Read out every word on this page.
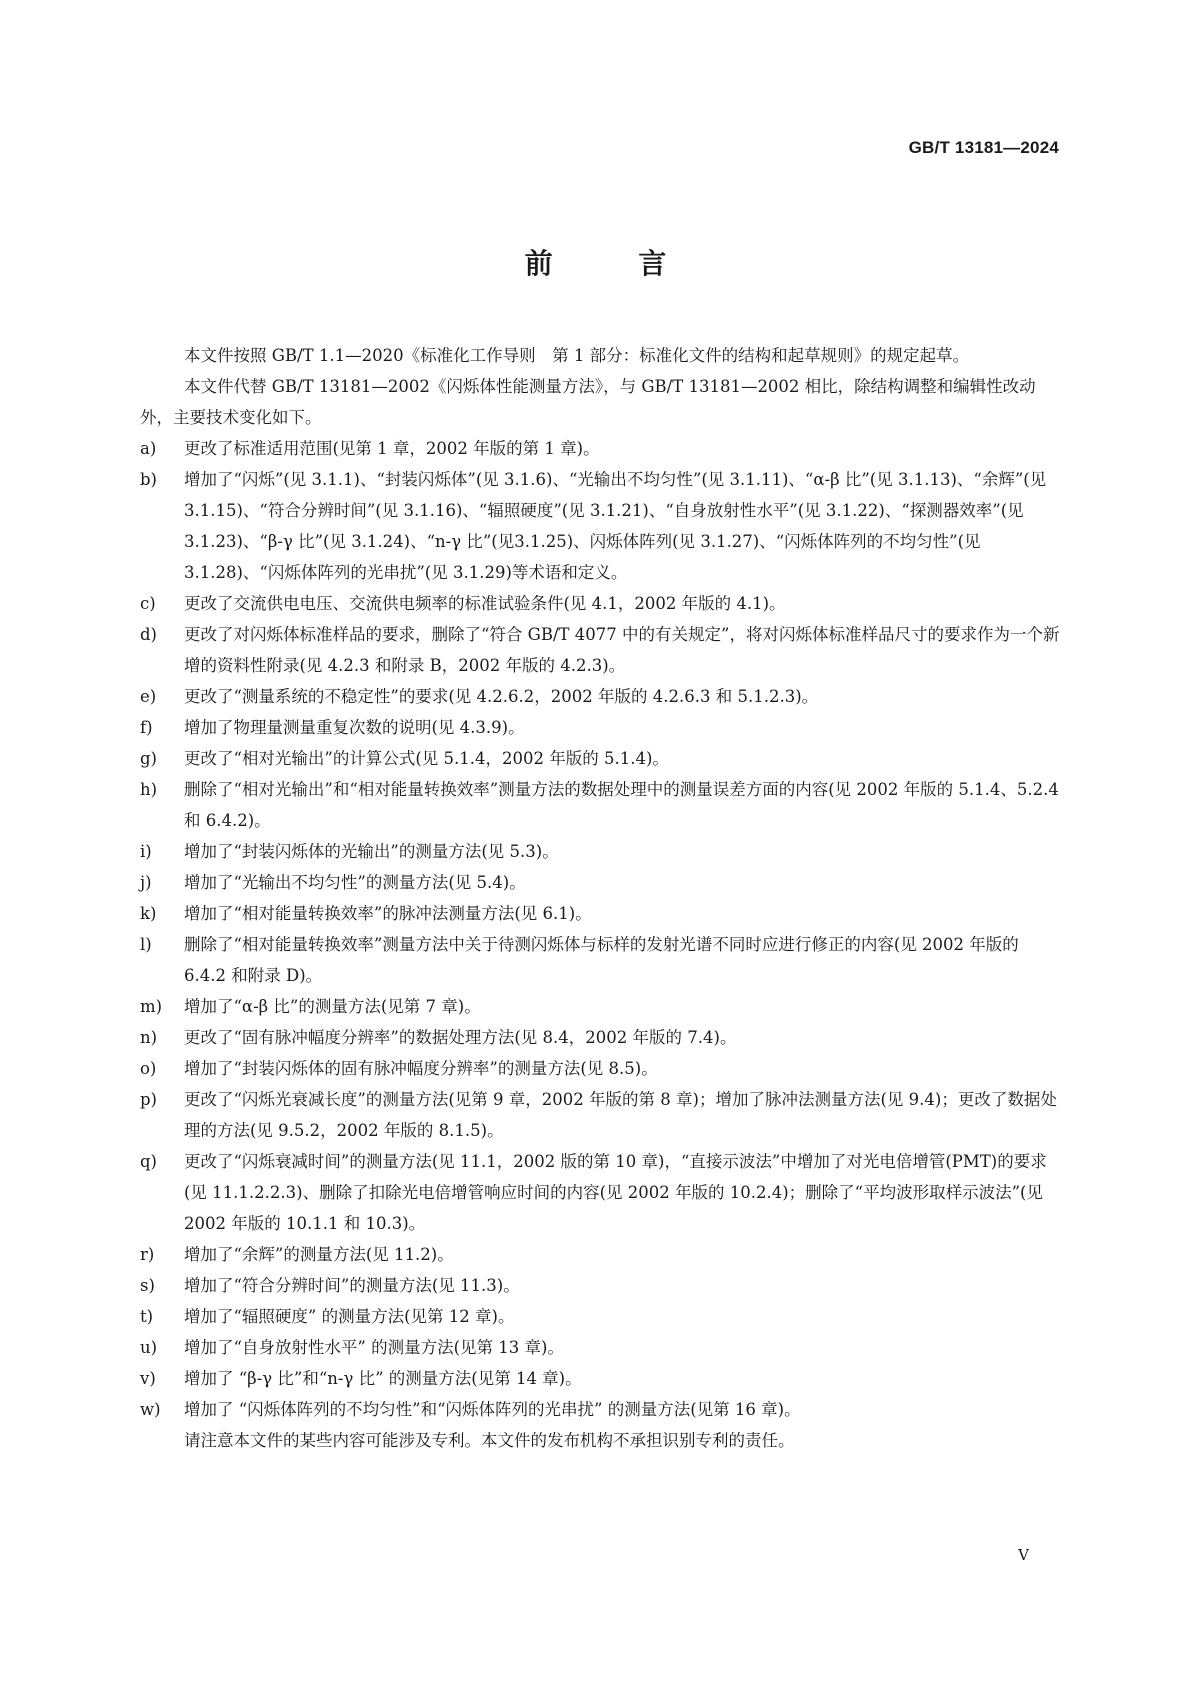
GB/T 13181—2024
前 言

本文件按照 GB/T 1.1—2020《标准化工作导则　第 1 部分：标准化文件的结构和起草规则》的规定起草。

本文件代替 GB/T 13181—2002《闪烁体性能测量方法》，与 GB/T 13181—2002 相比，除结构调整和编辑性改动外，主要技术变化如下。

a)	更改了标准适用范围(见第 1 章，2002 年版的第 1 章)。
b)	增加了“闪烁”(见 3.1.1)、“封装闪烁体”(见 3.1.6)、“光输出不均匀性”(见 3.1.11)、“α-β 比”(见 3.1.13)、“余辉”(见 3.1.15)、“符合分辨时间”(见 3.1.16)、“辐照硬度”(见 3.1.21)、“自身放射性水平”(见 3.1.22)、“探测器效率”(见 3.1.23)、“β-γ 比”(见 3.1.24)、“n-γ 比”(见3.1.25)、闪烁体阵列(见 3.1.27)、“闪烁体阵列的不均匀性”(见 3.1.28)、“闪烁体阵列的光串扰”(见 3.1.29)等术语和定义。
c)	更改了交流供电电压、交流供电频率的标准试验条件(见 4.1，2002 年版的 4.1)。
d)	更改了对闪烁体标准样品的要求，删除了“符合 GB/T 4077 中的有关规定”，将对闪烁体标准样品尺寸的要求作为一个新增的资料性附录(见 4.2.3 和附录 B，2002 年版的 4.2.3)。
e)	更改了“测量系统的不稳定性”的要求(见 4.2.6.2，2002 年版的 4.2.6.3 和 5.1.2.3)。
f)	增加了物理量测量重复次数的说明(见 4.3.9)。
g)	更改了“相对光输出”的计算公式(见 5.1.4，2002 年版的 5.1.4)。
h)	删除了“相对光输出”和“相对能量转换效率”测量方法的数据处理中的测量误差方面的内容(见 2002 年版的 5.1.4、5.2.4 和 6.4.2)。
i)	增加了“封装闪烁体的光输出”的测量方法(见 5.3)。
j)	增加了“光输出不均匀性”的测量方法(见 5.4)。
k)	增加了“相对能量转换效率”的脉冲法测量方法(见 6.1)。
l)	删除了“相对能量转换效率”测量方法中关于待测闪烁体与标样的发射光谱不同时应进行修正的内容(见 2002 年版的 6.4.2 和附录 D)。
m)	增加了“α-β 比”的测量方法(见第 7 章)。
n)	更改了“固有脉冲幅度分辨率”的数据处理方法(见 8.4，2002 年版的 7.4)。
o)	增加了“封装闪烁体的固有脉冲幅度分辨率”的测量方法(见 8.5)。
p)	更改了“闪烁光衰减长度”的测量方法(见第 9 章，2002 年版的第 8 章)；增加了脉冲法测量方法(见 9.4)；更改了数据处理的方法(见 9.5.2，2002 年版的 8.1.5)。
q)	更改了“闪烁衰减时间”的测量方法(见 11.1，2002 版的第 10 章)，“直接示波法”中增加了对光电倍增管(PMT)的要求(见 11.1.2.2.3)、删除了扣除光电倍增管响应时间的内容(见 2002 年版的 10.2.4)；删除了“平均波形取样示波法”(见 2002 年版的 10.1.1 和 10.3)。
r)	增加了“余辉”的测量方法(见 11.2)。
s)	增加了“符合分辨时间”的测量方法(见 11.3)。
t)	增加了“辐照硬度” 的测量方法(见第 12 章)。
u)	增加了“自身放射性水平” 的测量方法(见第 13 章)。
v)	增加了 “β-γ 比”和“n-γ 比” 的测量方法(见第 14 章)。
w)	增加了 “闪烁体阵列的不均匀性”和“闪烁体阵列的光串扰” 的测量方法(见第 16 章)。

请注意本文件的某些内容可能涉及专利。本文件的发布机构不承担识别专利的责任。

V
